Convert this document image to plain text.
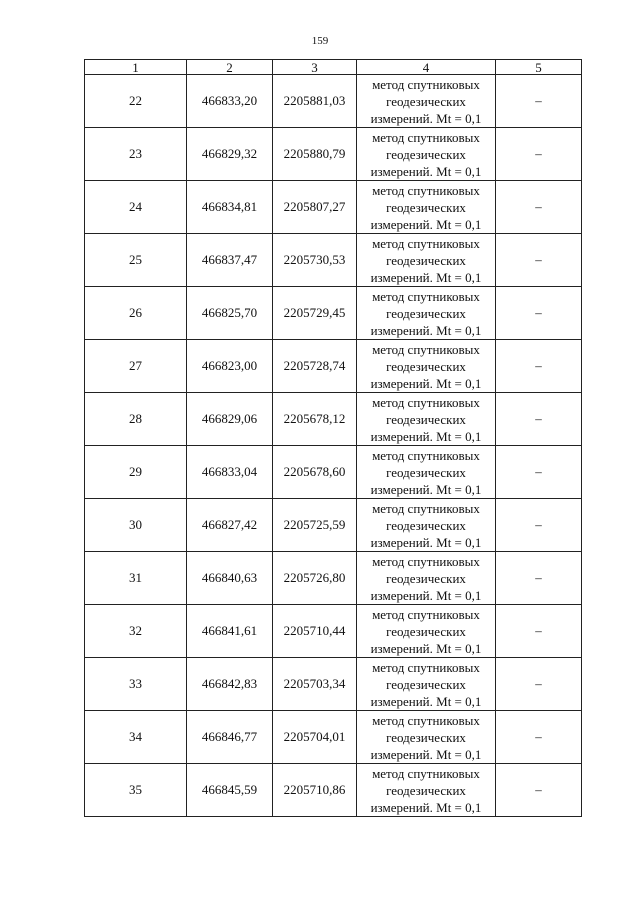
159
1	2	3	4	5
22	466833,20	2205881,03	метод спутниковых
геодезических
измерений. Mt = 0,1	–
23	466829,32	2205880,79	метод спутниковых
геодезических
измерений. Mt = 0,1	–
24	466834,81	2205807,27	метод спутниковых
геодезических
измерений. Mt = 0,1	–
25	466837,47	2205730,53	метод спутниковых
геодезических
измерений. Mt = 0,1	–
26	466825,70	2205729,45	метод спутниковых
геодезических
измерений. Mt = 0,1	–
27	466823,00	2205728,74	метод спутниковых
геодезических
измерений. Mt = 0,1	–
28	466829,06	2205678,12	метод спутниковых
геодезических
измерений. Mt = 0,1	–
29	466833,04	2205678,60	метод спутниковых
геодезических
измерений. Mt = 0,1	–
30	466827,42	2205725,59	метод спутниковых
геодезических
измерений. Mt = 0,1	–
31	466840,63	2205726,80	метод спутниковых
геодезических
измерений. Mt = 0,1	–
32	466841,61	2205710,44	метод спутниковых
геодезических
измерений. Mt = 0,1	–
33	466842,83	2205703,34	метод спутниковых
геодезических
измерений. Mt = 0,1	–
34	466846,77	2205704,01	метод спутниковых
геодезических
измерений. Mt = 0,1	–
35	466845,59	2205710,86	метод спутниковых
геодезических
измерений. Mt = 0,1	–
